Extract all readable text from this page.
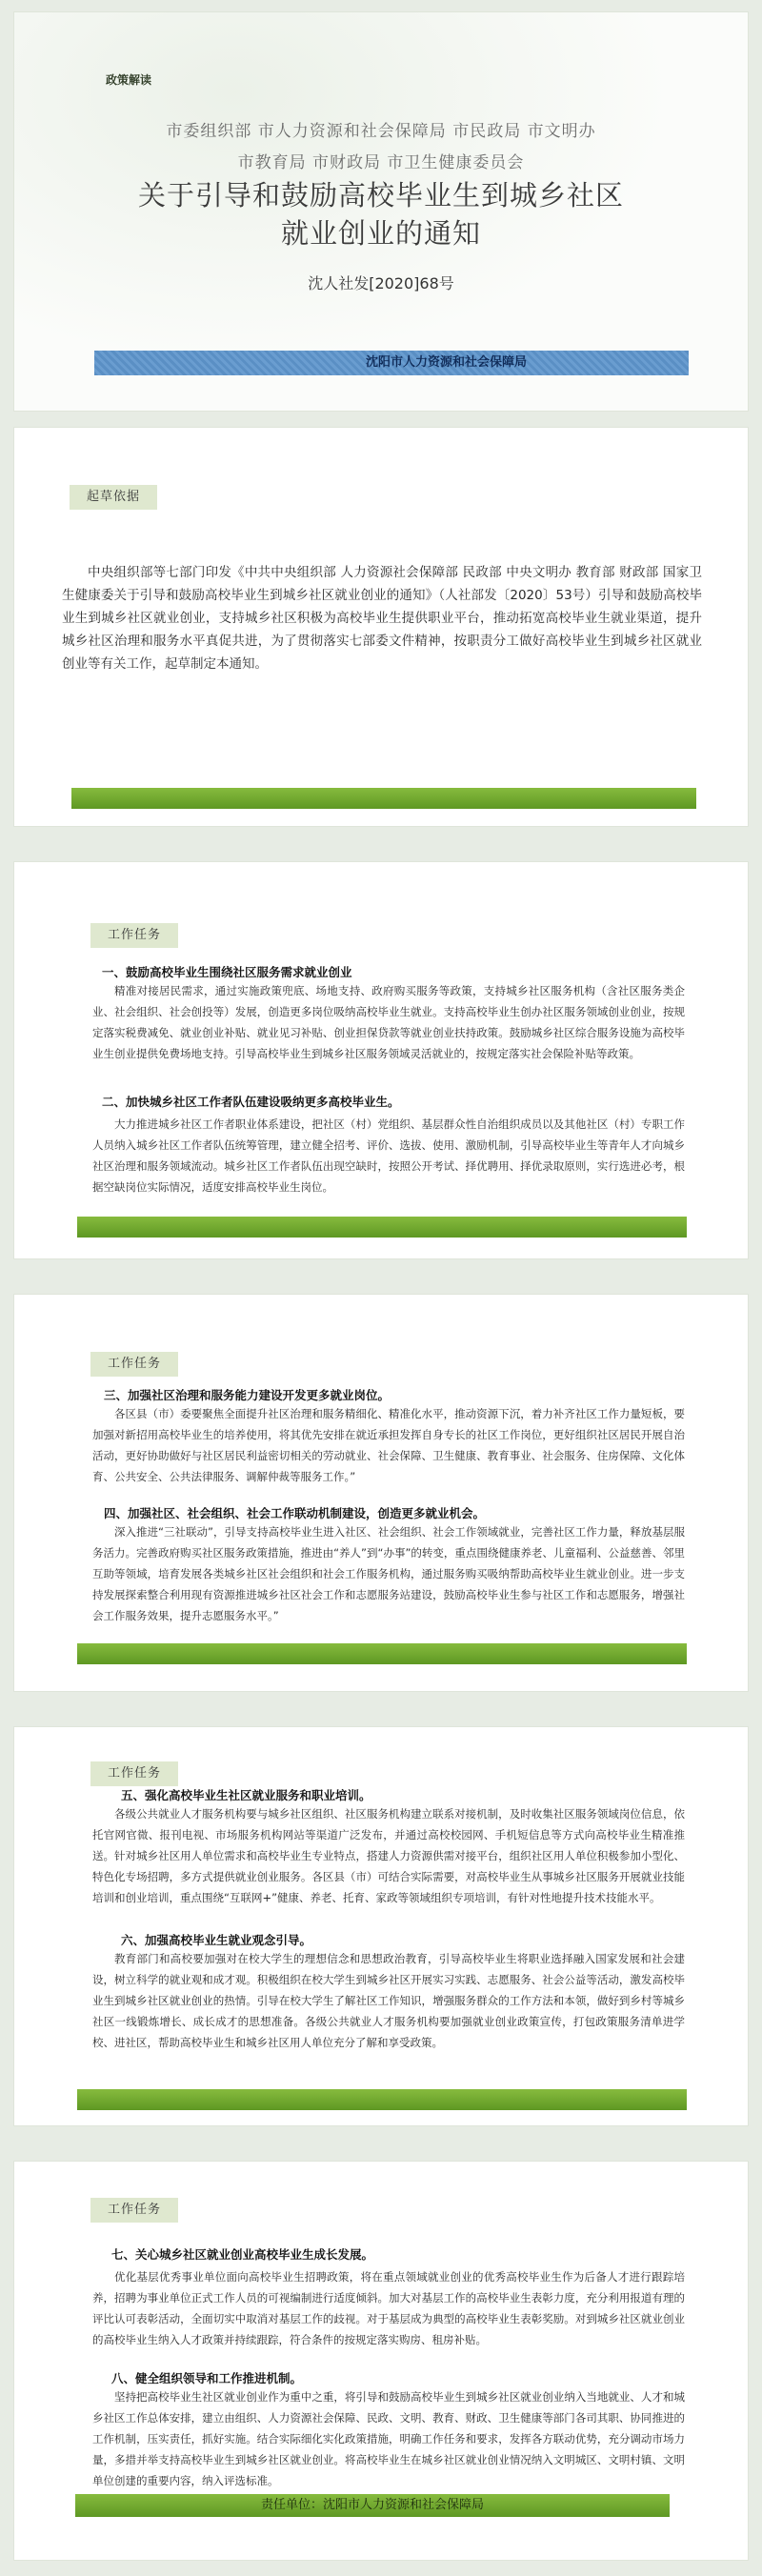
政策解读
市委组织部 市人力资源和社会保障局 市民政局 市文明办
市教育局 市财政局 市卫生健康委员会
关于引导和鼓励高校毕业生到城乡社区
就业创业的通知
沈人社发[2020]68号
沈阳市人力资源和社会保障局
起草依据
中央组织部等七部门印发《中共中央组织部 人力资源社会保障部 民政部 中央文明办 教育部 财政部 国家卫生健康委关于引导和鼓励高校毕业生到城乡社区就业创业的通知》（人社部发〔2020〕53号）引导和鼓励高校毕业生到城乡社区就业创业，支持城乡社区积极为高校毕业生提供职业平台，推动拓宽高校毕业生就业渠道，提升城乡社区治理和服务水平真促共进，为了贯彻落实七部委文件精神，按职责分工做好高校毕业生到城乡社区就业创业等有关工作，起草制定本通知。
工作任务
一、鼓励高校毕业生围绕社区服务需求就业创业
精准对接居民需求，通过实施政策兜底、场地支持、政府购买服务等政策，支持城乡社区服务机构（含社区服务类企业、社会组织、社会创投等）发展，创造更多岗位吸纳高校毕业生就业。支持高校毕业生创办社区服务领域创业创业，按规定落实税费减免、就业创业补贴、就业见习补贴、创业担保贷款等就业创业扶持政策。鼓励城乡社区综合服务设施为高校毕业生创业提供免费场地支持。引导高校毕业生到城乡社区服务领域灵活就业的，按规定落实社会保险补贴等政策。
二、加快城乡社区工作者队伍建设吸纳更多高校毕业生。
大力推进城乡社区工作者职业体系建设，把社区（村）党组织、基层群众性自治组织成员以及其他社区（村）专职工作人员纳入城乡社区工作者队伍统筹管理，建立健全招考、评价、选拔、使用、激励机制，引导高校毕业生等青年人才向城乡社区治理和服务领域流动。城乡社区工作者队伍出现空缺时，按照公开考试、择优聘用、择优录取原则，实行选进必考，根据空缺岗位实际情况，适度安排高校毕业生岗位。
工作任务
三、加强社区治理和服务能力建设开发更多就业岗位。
各区县（市）委要聚焦全面提升社区治理和服务精细化、精准化水平，推动资源下沉，着力补齐社区工作力量短板，要加强对新招用高校毕业生的培养使用，将其优先安排在就近承担发挥自身专长的社区工作岗位，更好组织社区居民开展自治活动，更好协助做好与社区居民利益密切相关的劳动就业、社会保障、卫生健康、教育事业、社会服务、住房保障、文化体育、公共安全、公共法律服务、调解仲裁等服务工作。”
四、加强社区、社会组织、社会工作联动机制建设，创造更多就业机会。
深入推进“三社联动”，引导支持高校毕业生进入社区、社会组织、社会工作领域就业，完善社区工作力量，释放基层服务活力。完善政府购买社区服务政策措施，推进由“养人”到“办事”的转变，重点围绕健康养老、儿童福利、公益慈善、邻里互助等领域，培育发展各类城乡社区社会组织和社会工作服务机构，通过服务购买吸纳帮助高校毕业生就业创业。进一步支持发展探索整合利用现有资源推进城乡社区社会工作和志愿服务站建设，鼓励高校毕业生参与社区工作和志愿服务，增强社会工作服务效果，提升志愿服务水平。”
工作任务
五、强化高校毕业生社区就业服务和职业培训。
各级公共就业人才服务机构要与城乡社区组织、社区服务机构建立联系对接机制，及时收集社区服务领域岗位信息，依托官网官微、报刊电视、市场服务机构网站等渠道广泛发布，并通过高校校园网、手机短信息等方式向高校毕业生精准推送。针对城乡社区用人单位需求和高校毕业生专业特点，搭建人力资源供需对接平台，组织社区用人单位积极参加小型化、特色化专场招聘，多方式提供就业创业服务。各区县（市）可结合实际需要，对高校毕业生从事城乡社区服务开展就业技能培训和创业培训，重点围绕“互联网+”健康、养老、托育、家政等领域组织专项培训，有针对性地提升技术技能水平。
六、加强高校毕业生就业观念引导。
教育部门和高校要加强对在校大学生的理想信念和思想政治教育，引导高校毕业生将职业选择融入国家发展和社会建设，树立科学的就业观和成才观。积极组织在校大学生到城乡社区开展实习实践、志愿服务、社会公益等活动，激发高校毕业生到城乡社区就业创业的热情。引导在校大学生了解社区工作知识，增强服务群众的工作方法和本领，做好到乡村等城乡社区一线锻炼增长、成长成才的思想准备。各级公共就业人才服务机构要加强就业创业政策宣传，打包政策服务清单进学校、进社区，帮助高校毕业生和城乡社区用人单位充分了解和享受政策。
工作任务
七、关心城乡社区就业创业高校毕业生成长发展。
优化基层优秀事业单位面向高校毕业生招聘政策，将在重点领域就业创业的优秀高校毕业生作为后备人才进行跟踪培养，招聘为事业单位正式工作人员的可视编制进行适度倾斜。加大对基层工作的高校毕业生表彰力度，充分利用报道有理的评比认可表彰活动，全面切实中取消对基层工作的歧视。对于基层成为典型的高校毕业生表彰奖励。对到城乡社区就业创业的高校毕业生纳入人才政策并持续跟踪，符合条件的按规定落实购房、租房补贴。
八、健全组织领导和工作推进机制。
坚持把高校毕业生社区就业创业作为重中之重，将引导和鼓励高校毕业生到城乡社区就业创业纳入当地就业、人才和城乡社区工作总体安排，建立由组织、人力资源社会保障、民政、文明、教育、财政、卫生健康等部门各司其职、协同推进的工作机制，压实责任，抓好实施。结合实际细化实化政策措施，明确工作任务和要求，发挥各方联动优势，充分调动市场力量，多措并举支持高校毕业生到城乡社区就业创业。将高校毕业生在城乡社区就业创业情况纳入文明城区、文明村镇、文明单位创建的重要内容，纳入评选标准。
责任单位：沈阳市人力资源和社会保障局
